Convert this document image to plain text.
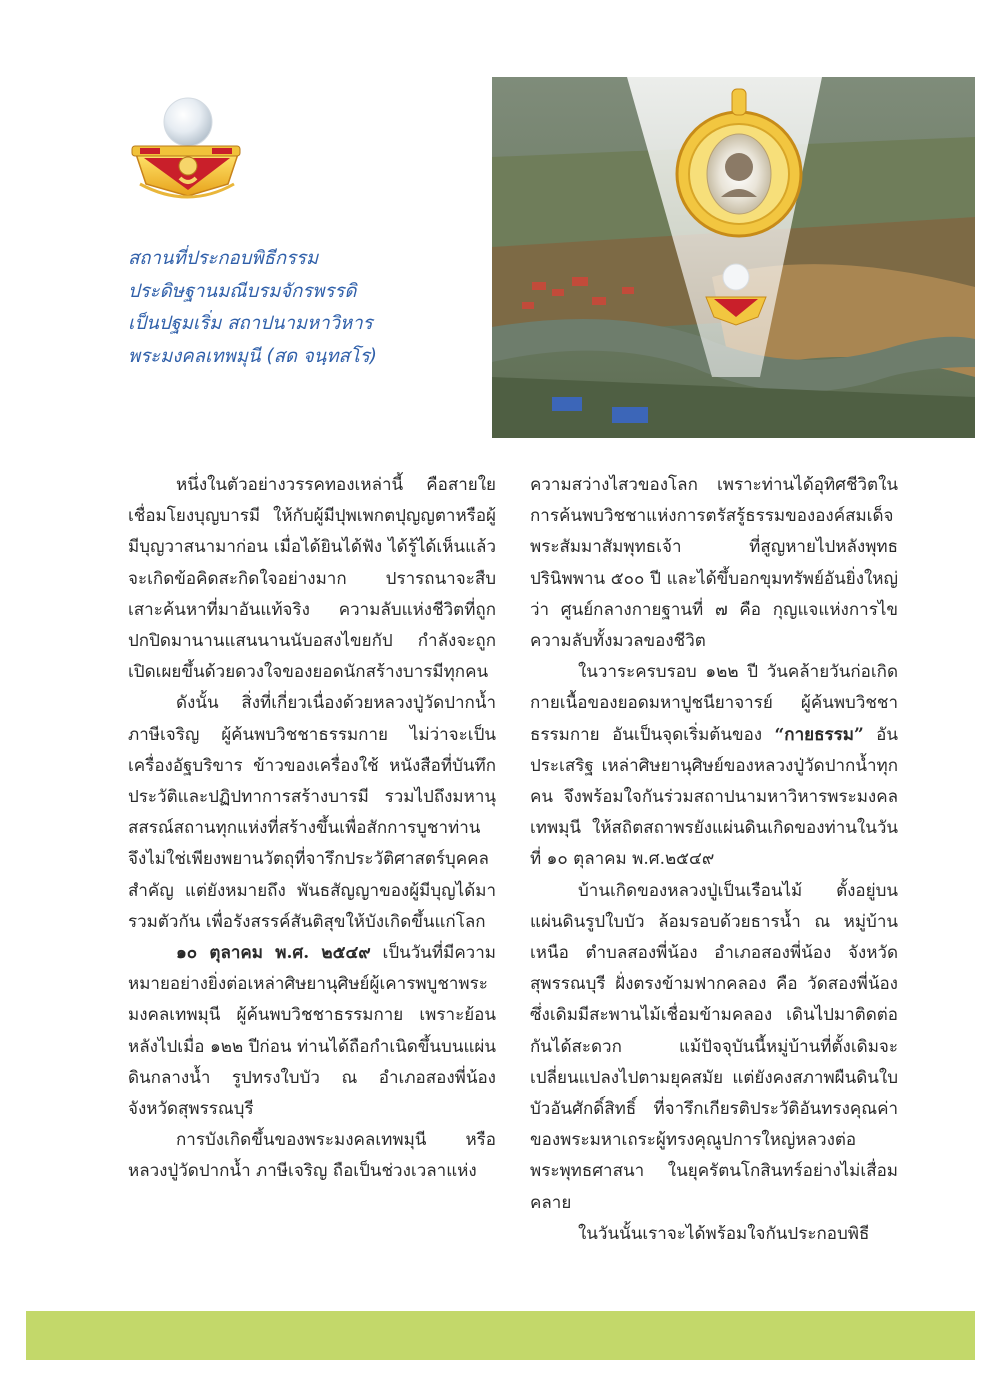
สถานที่ประกอบพิธีกรรม
ประดิษฐานมณีบรมจักรพรรดิ
เป็นปฐมเริ่ม สถาปนามหาวิหาร
พระมงคลเทพมุนี (สด จนฺทสโร)

หนึ่งในตัวอย่างวรรคทองเหล่านี้ คือสายใยเชื่อมโยงบุญบารมี ให้กับผู้มีปุพเพกตปุญญตาหรือผู้มีบุญวาสนามาก่อน เมื่อได้ยินได้ฟัง ได้รู้ได้เห็นแล้ว จะเกิดข้อคิดสะกิดใจอย่างมาก ปรารถนาจะสืบเสาะค้นหาที่มาอันแท้จริง ความลับแห่งชีวิตที่ถูกปกปิดมานานแสนนานนับอสงไขยกัป กำลังจะถูกเปิดเผยขึ้นด้วยดวงใจของยอดนักสร้างบารมีทุกคน

ดังนั้น สิ่งที่เกี่ยวเนื่องด้วยหลวงปู่วัดปากน้ำ ภาษีเจริญ ผู้ค้นพบวิชชาธรรมกาย ไม่ว่าจะเป็นเครื่องอัฐบริขาร ข้าวของเครื่องใช้ หนังสือที่บันทึกประวัติและปฏิปทาการสร้างบารมี รวมไปถึงมหานุสสรณ์สถานทุกแห่งที่สร้างขึ้นเพื่อสักการบูชาท่าน จึงไม่ใช่เพียงพยานวัตถุที่จารึกประวัติศาสตร์บุคคลสำคัญ แต่ยังหมายถึง พันธสัญญาของผู้มีบุญได้มารวมตัวกัน เพื่อรังสรรค์สันติสุขให้บังเกิดขึ้นแก่โลก

๑๐ ตุลาคม พ.ศ. ๒๕๔๙ เป็นวันที่มีความหมายอย่างยิ่งต่อเหล่าศิษยานุศิษย์ผู้เคารพบูชาพระมงคลเทพมุนี ผู้ค้นพบวิชชาธรรมกาย เพราะย้อนหลังไปเมื่อ ๑๒๒ ปีก่อน ท่านได้ถือกำเนิดขึ้นบนแผ่นดินกลางน้ำ รูปทรงใบบัว ณ อำเภอสองพี่น้อง จังหวัดสุพรรณบุรี

การบังเกิดขึ้นของพระมงคลเทพมุนี หรือหลวงปู่วัดปากน้ำ ภาษีเจริญ ถือเป็นช่วงเวลาแห่ง

ความสว่างไสวของโลก เพราะท่านได้อุทิศชีวิตในการค้นพบวิชชาแห่งการตรัสรู้ธรรมขององค์สมเด็จพระสัมมาสัมพุทธเจ้า ที่สูญหายไปหลังพุทธปรินิพพาน ๕๐๐ ปี และได้ขึ้บอกขุมทรัพย์อันยิ่งใหญ่ว่า ศูนย์กลางกายฐานที่ ๗ คือ กุญแจแห่งการไขความลับทั้งมวลของชีวิต

ในวาระครบรอบ ๑๒๒ ปี วันคล้ายวันก่อเกิดกายเนื้อของยอดมหาปูชนียาจารย์ ผู้ค้นพบวิชชาธรรมกาย อันเป็นจุดเริ่มต้นของ “กายธรรม” อันประเสริฐ เหล่าศิษยานุศิษย์ของหลวงปู่วัดปากน้ำทุกคน จึงพร้อมใจกันร่วมสถาปนามหาวิหารพระมงคลเทพมุนี ให้สถิตสถาพรยังแผ่นดินเกิดของท่านในวันที่ ๑๐ ตุลาคม พ.ศ.๒๕๔๙

บ้านเกิดของหลวงปู่เป็นเรือนไม้ ตั้งอยู่บนแผ่นดินรูปใบบัว ล้อมรอบด้วยธารน้ำ ณ หมู่บ้านเหนือ ตำบลสองพี่น้อง อำเภอสองพี่น้อง จังหวัดสุพรรณบุรี ฝั่งตรงข้ามฟากคลอง คือ วัดสองพี่น้อง ซึ่งเดิมมีสะพานไม้เชื่อมข้ามคลอง เดินไปมาติดต่อกันได้สะดวก แม้ปัจจุบันนี้หมู่บ้านที่ตั้งเดิมจะเปลี่ยนแปลงไปตามยุคสมัย แต่ยังคงสภาพผืนดินใบบัวอันศักดิ์สิทธิ์ ที่จารึกเกียรติประวัติอันทรงคุณค่าของพระมหาเถระผู้ทรงคุณูปการใหญ่หลวงต่อพระพุทธศาสนา ในยุครัตนโกสินทร์อย่างไม่เสื่อมคลาย

ในวันนั้นเราจะได้พร้อมใจกันประกอบพิธี
